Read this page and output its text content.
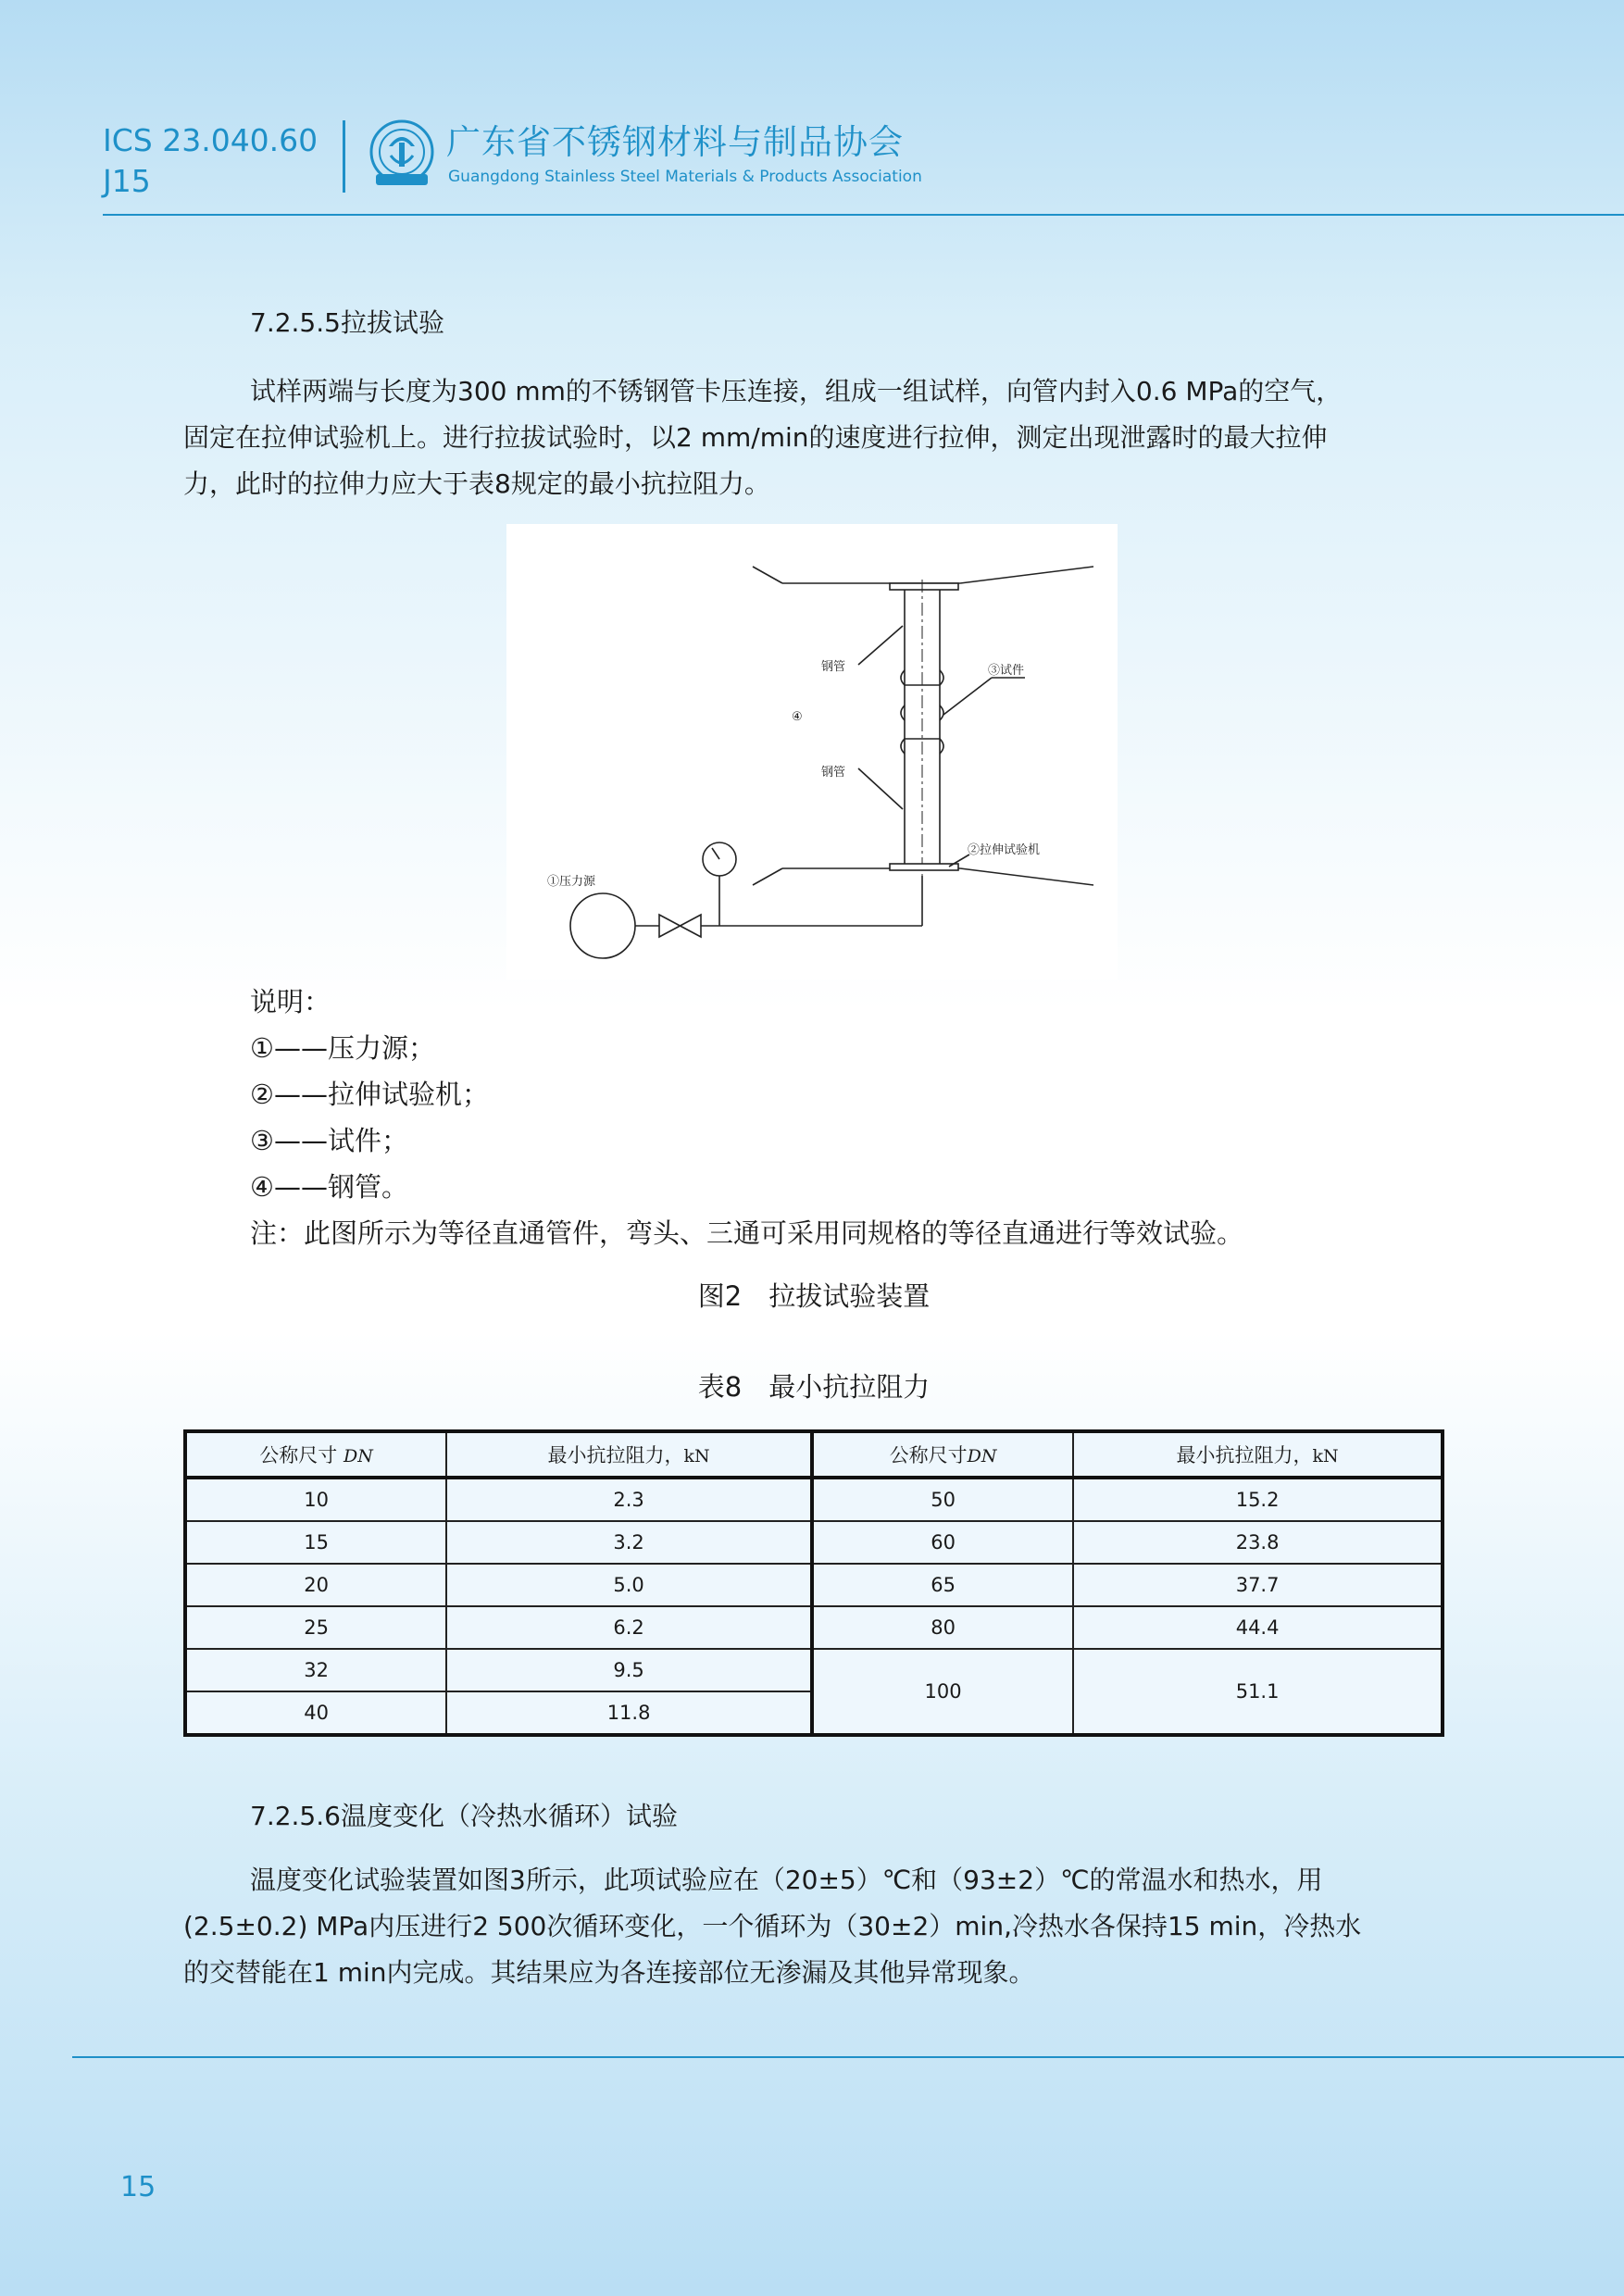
ICS 23.040.60
J15
广东省不锈钢材料与制品协会
Guangdong Stainless Steel Materials & Products Association
7.2.5.5拉拔试验
试样两端与长度为300 mm的不锈钢管卡压连接，组成一组试样，向管内封入0.6 MPa的空气，
固定在拉伸试验机上。进行拉拔试验时，以2 mm/min的速度进行拉伸，测定出现泄露时的最大拉伸
力，此时的拉伸力应大于表8规定的最小抗拉阻力。
钢管	③试件
④
钢管
②拉伸试验机
①压力源
说明：
①——压力源；
②——拉伸试验机；
③——试件；
④——钢管。
注：此图所示为等径直通管件，弯头、三通可采用同规格的等径直通进行等效试验。
图2　拉拔试验装置
表8　最小抗拉阻力
公称尺寸 DN	最小抗拉阻力，kN	公称尺寸DN	最小抗拉阻力，kN
10	2.3	50	15.2
15	3.2	60	23.8
20	5.0	65	37.7
25	6.2	80	44.4
32	9.5	100	51.1
40	11.8		
7.2.5.6温度变化（冷热水循环）试验
温度变化试验装置如图3所示，此项试验应在（20±5）℃和（93±2）℃的常温水和热水，用
(2.5±0.2) MPa内压进行2 500次循环变化，一个循环为（30±2）min,冷热水各保持15 min，冷热水
的交替能在1 min内完成。其结果应为各连接部位无渗漏及其他异常现象。
15
